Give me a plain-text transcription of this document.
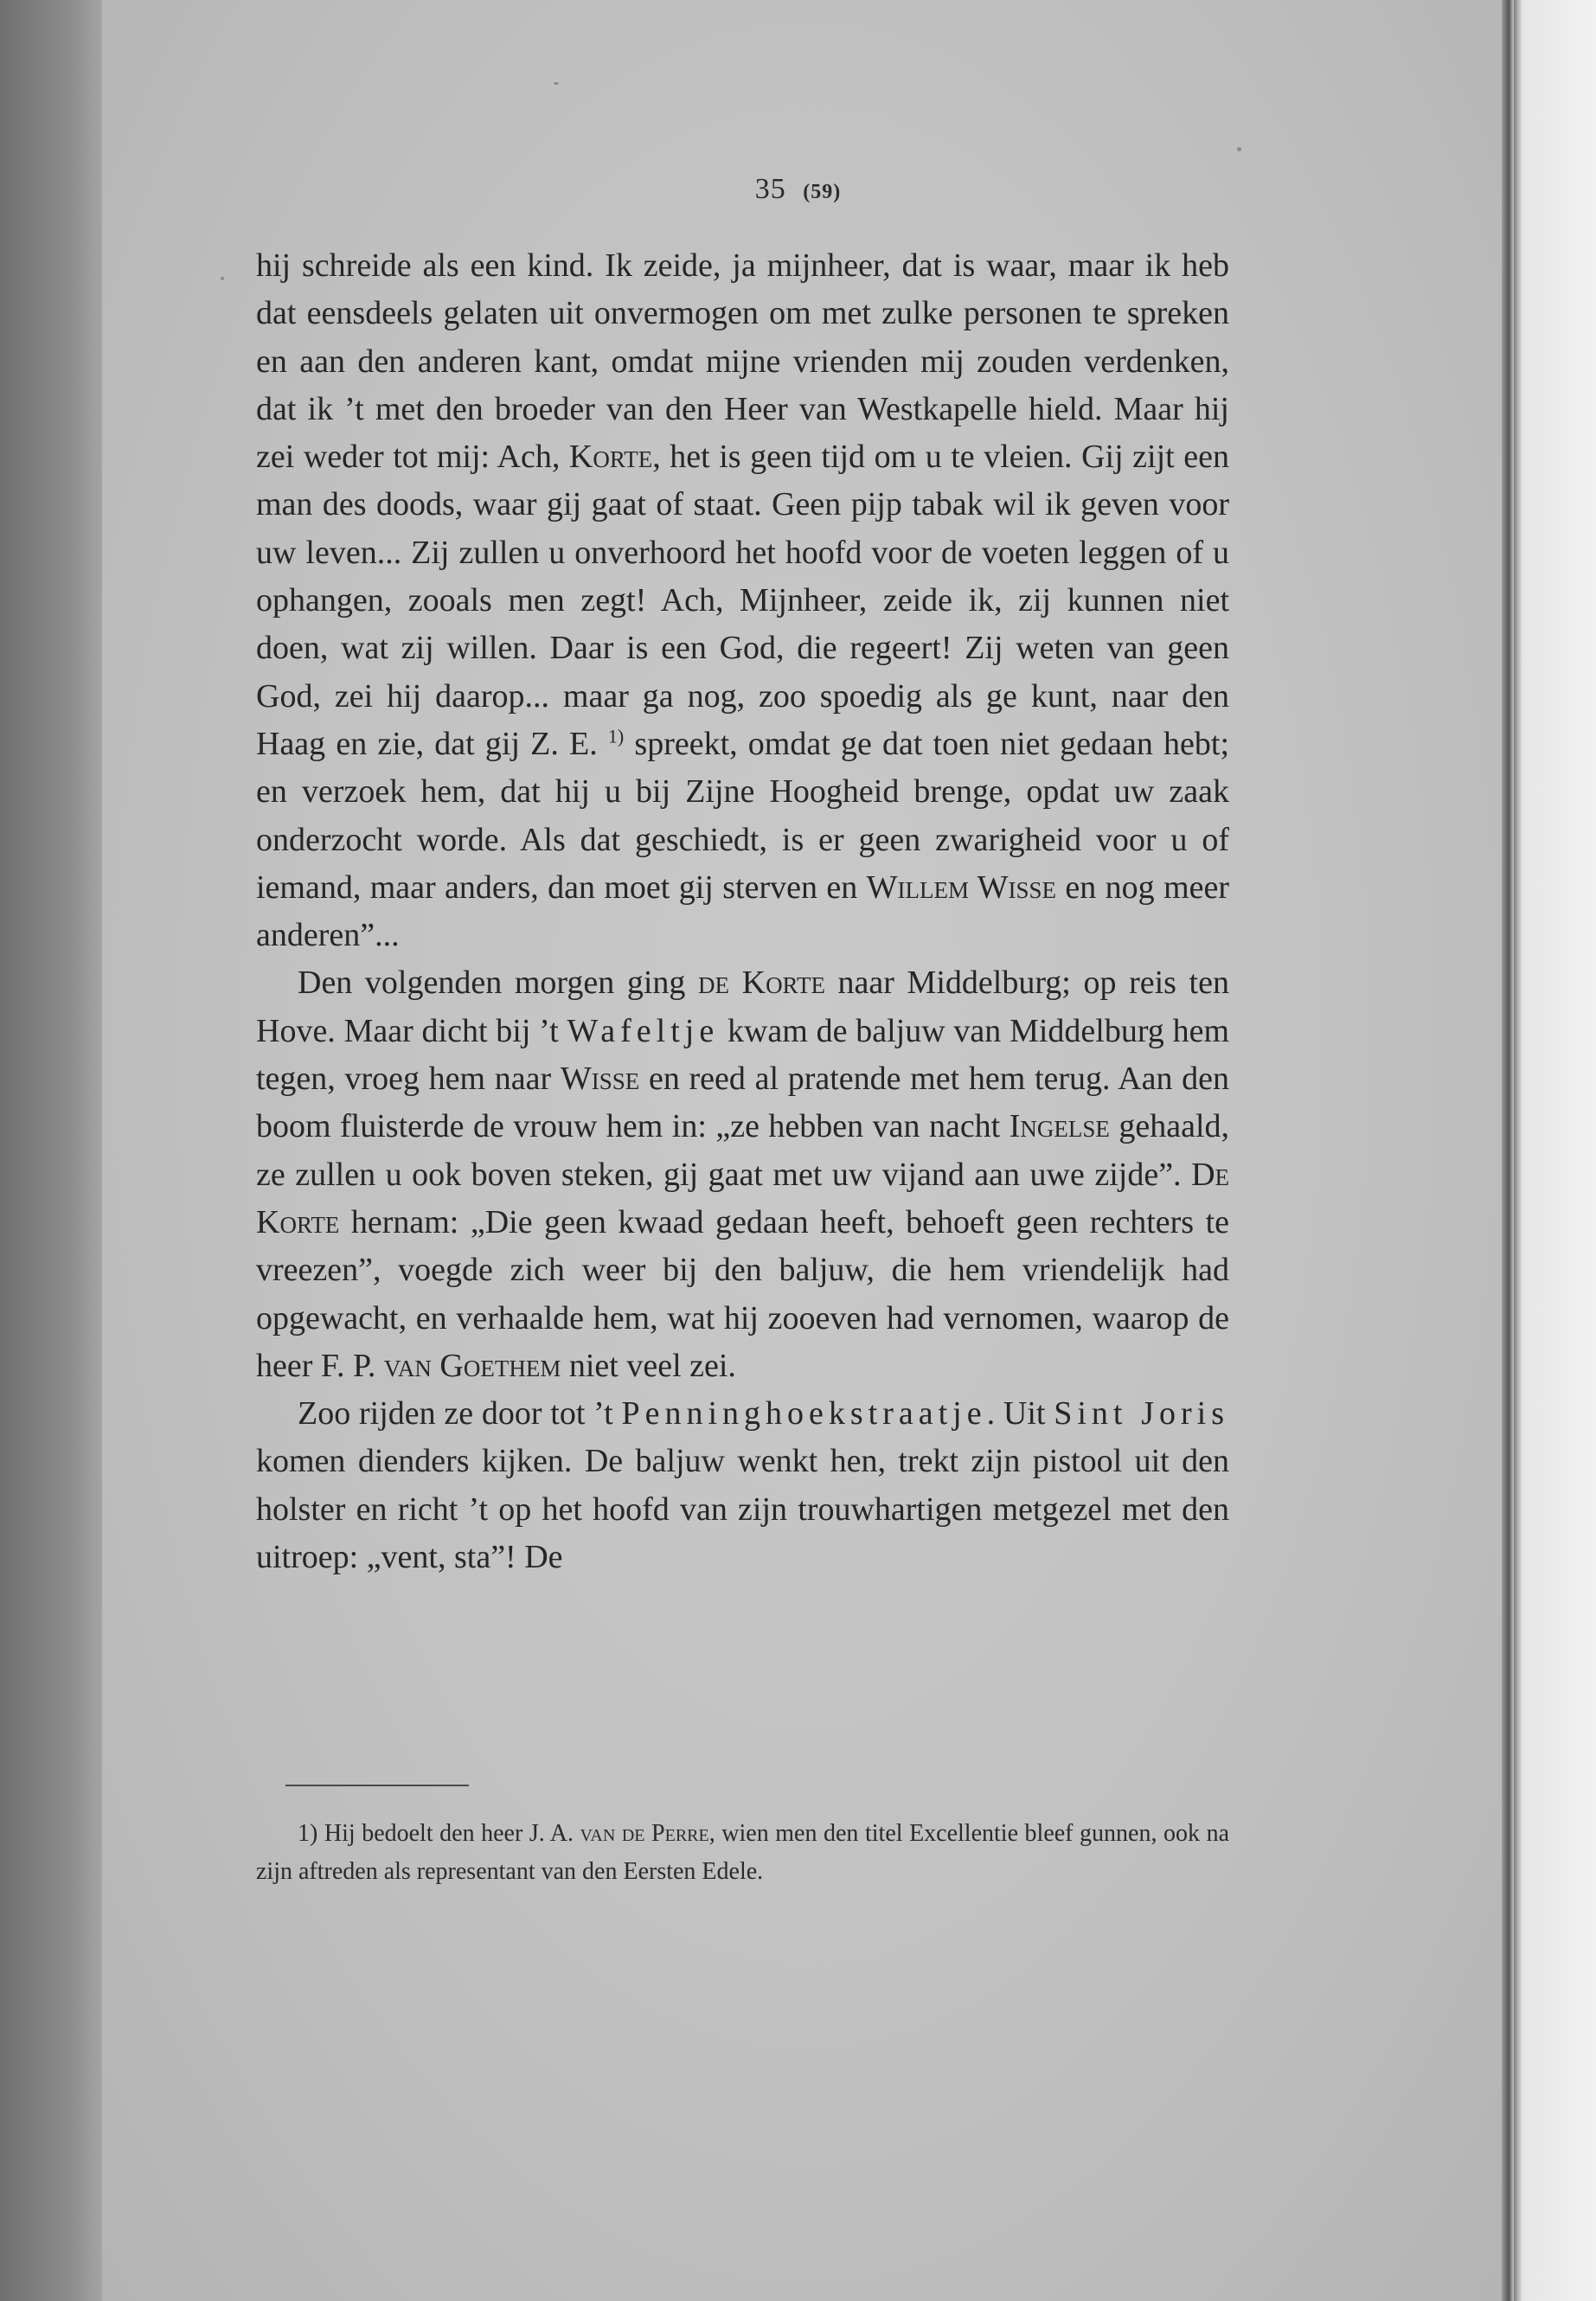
35 (59)

hij schreide als een kind. Ik zeide, ja mijnheer, dat is waar, maar ik heb dat eensdeels gelaten uit onvermogen om met zulke personen te spreken en aan den anderen kant, omdat mijne vrienden mij zouden verdenken, dat ik ’t met den broeder van den Heer van Westkapelle hield. Maar hij zei weder tot mij: Ach, Korte, het is geen tijd om u te vleien. Gij zijt een man des doods, waar gij gaat of staat. Geen pijp tabak wil ik geven voor uw leven... Zij zullen u onverhoord het hoofd voor de voeten leggen of u ophangen, zooals men zegt! Ach, Mijnheer, zeide ik, zij kunnen niet doen, wat zij willen. Daar is een God, die regeert! Zij weten van geen God, zei hij daarop... maar ga nog, zoo spoedig als ge kunt, naar den Haag en zie, dat gij Z. E. $^{1)}$ spreekt, omdat ge dat toen niet gedaan hebt; en verzoek hem, dat hij u bij Zijne Hoogheid brenge, opdat uw zaak onderzocht worde. Als dat geschiedt, is er geen zwarigheid voor u of iemand, maar anders, dan moet gij sterven en Willem Wisse en nog meer anderen”...

Den volgenden morgen ging de Korte naar Middelburg; op reis ten Hove. Maar dicht bij ’t Wafeltje kwam de baljuw van Middelburg hem tegen, vroeg hem naar Wisse en reed al pratende met hem terug. Aan den boom fluisterde de vrouw hem in: „ze hebben van nacht Ingelse gehaald, ze zullen u ook boven steken, gij gaat met uw vijand aan uwe zijde”. De Korte hernam: „Die geen kwaad gedaan heeft, behoeft geen rechters te vreezen”, voegde zich weer bij den baljuw, die hem vriendelijk had opgewacht, en verhaalde hem, wat hij zooeven had vernomen, waarop de heer F. P. van Goethem niet veel zei.

Zoo rijden ze door tot ’t Penninghoekstraatje. Uit Sint Joris komen dienders kijken. De baljuw wenkt hen, trekt zijn pistool uit den holster en richt ’t op het hoofd van zijn trouwhartigen metgezel met den uitroep: „vent, sta”! De

1) Hij bedoelt den heer J. A. van de Perre, wien men den titel Excellentie bleef gunnen, ook na zijn aftreden als representant van den Eersten Edele.
